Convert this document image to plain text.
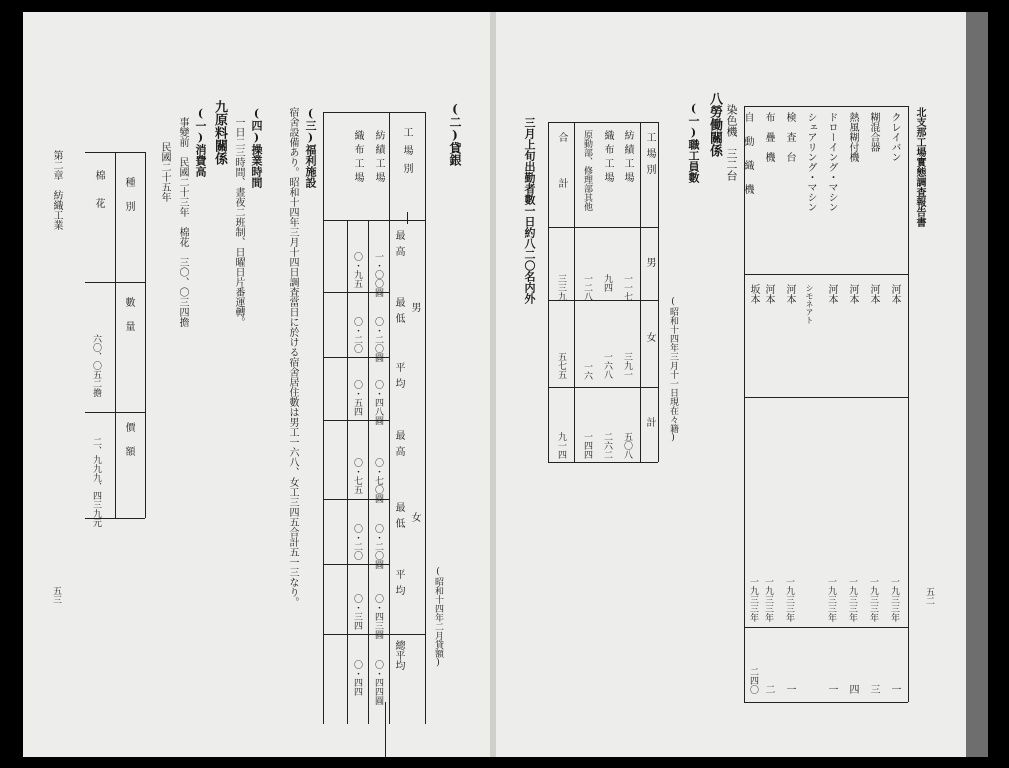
(二)貸銀
(昭和十四年二月貸額)
工場別
男
女
總平均
最高
最低
平均
最高
最低
平均
紡績工場
織布工場
一・〇〇圓
〇・二〇圓
〇・四八圓
〇・七〇圓
〇・二〇圓
〇・四三圓
〇・九五
〇・二〇
〇・五四
〇・七五
〇・二〇
〇・三四
〇・四四圓
〇・四四
(三)福利施設
宿舍設備あり。昭和十四年三月十四日調査當日に於ける宿舍居住數は男工一六八、女工三四五合計五一三なり。
(四)操業時間
一日二三時間、晝夜二班制、日曜日片番運轉。
九原料關係
(一)消費高
事變前　民國二十三年　棉花　三〇、〇三四擔
民國二十五年
種別
數量
價額
棉花
六〇、〇五二擔
二、九九九、四三九元
第二章　紡織工業
五三
北支那工場實態調査報告書
五二
クレイバン
糊混合器
熱風糊付機
ドローイング・マシン
シェアリング・マシン
検査台
布疊機
自動織機
河本
河本
河本
河本
シモネアト
河本
河本
坂本
一九三三年
一九三三年
一九三三年
一九三三年
一九三三年
一九三三年
一九三三年
一
三
四
一
一
二
二四〇
染色機　三二台
八勞働關係
(一)職工員數
(昭和十四年三月十一日現在々籍)
工場別
男
女
計
紡績工場
織布工場
原動部、修理部其他
合計
一一七
九四
一二八
三三九
三九一
一六八
一六
五七五
五〇八
二六二
一四四
九一四
三月上旬出勤者數一日約八二〇名内外
